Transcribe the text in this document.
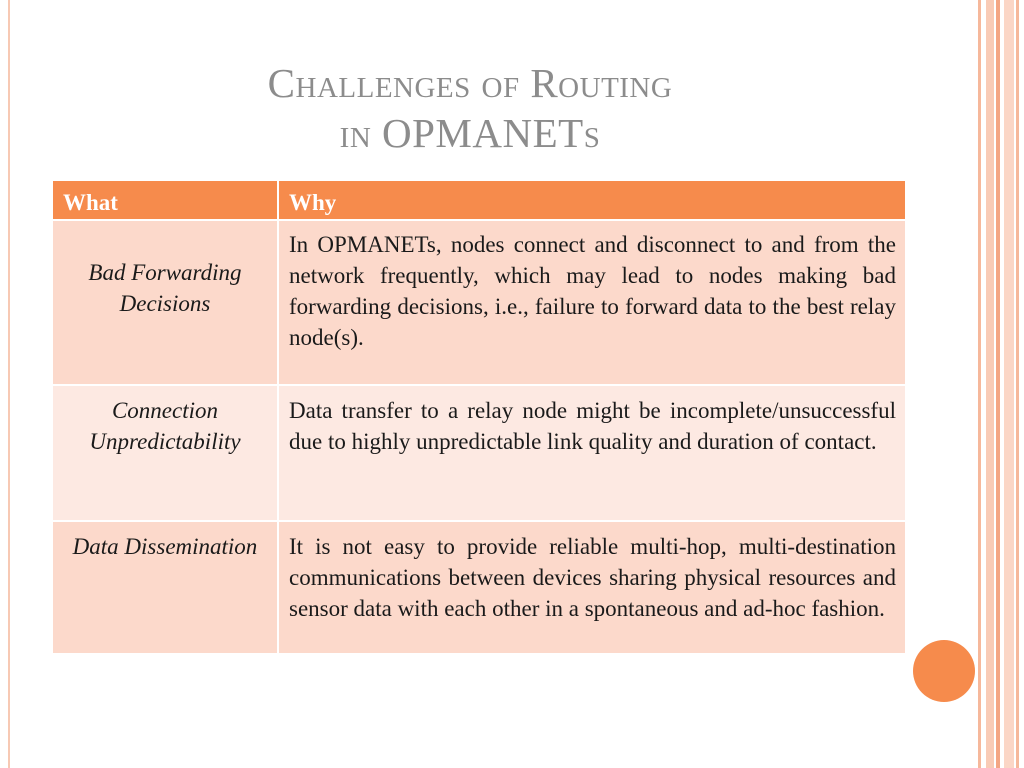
Challenges of Routing
in OPMANETs
What	Why
Bad Forwarding Decisions	In OPMANETs, nodes connect and disconnect to and from the network frequently, which may lead to nodes making bad forwarding decisions, i.e., failure to forward data to the best relay node(s).
Connection Unpredictability	Data transfer to a relay node might be incomplete/unsuccessful due to highly unpredictable link quality and duration of contact.
Data Dissemination	It is not easy to provide reliable multi-hop, multi-destination communications between devices sharing physical resources and sensor data with each other in a spontaneous and ad-hoc fashion.
